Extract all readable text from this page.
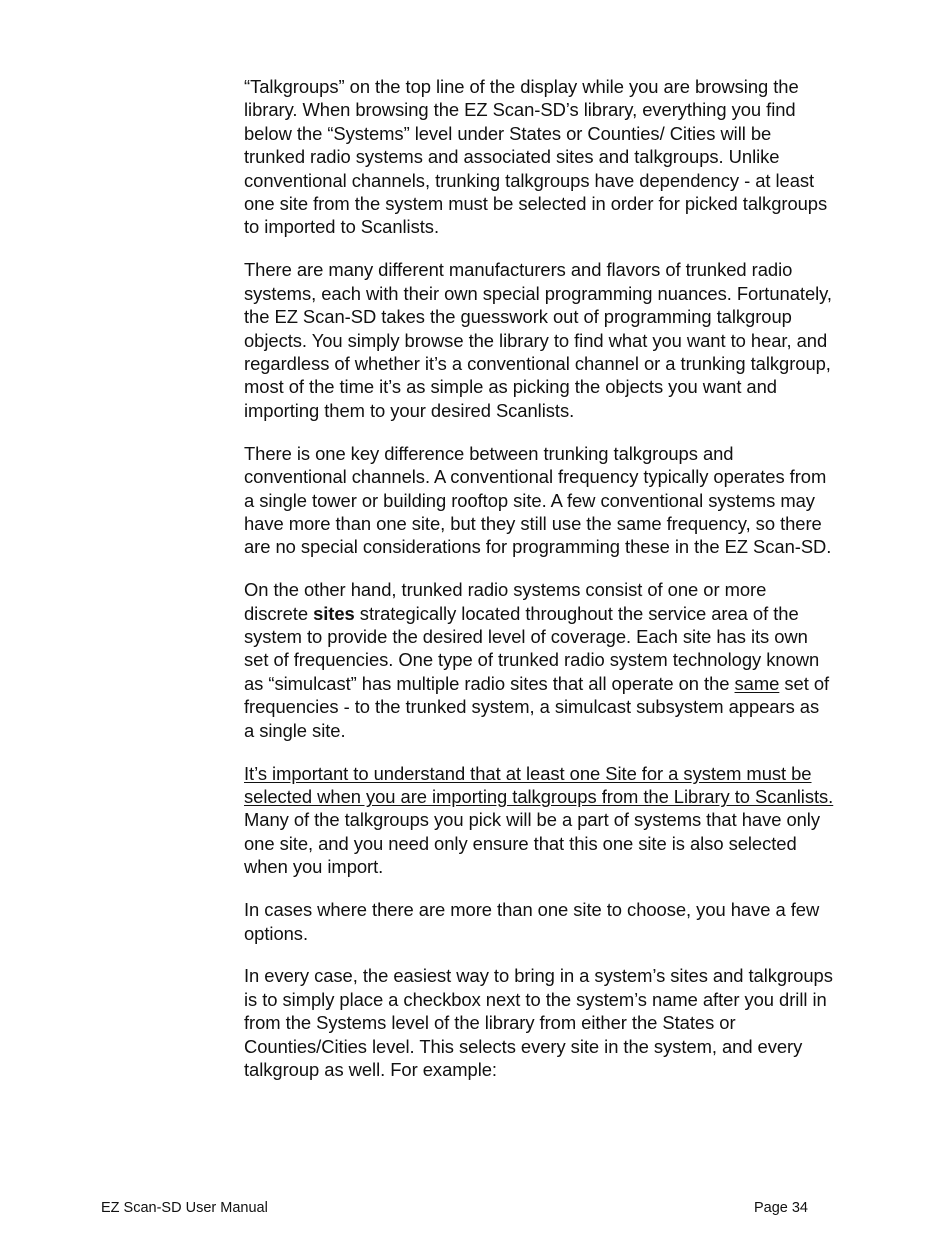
“Talkgroups” on the top line of the display while you are browsing the library. When browsing the EZ Scan-SD’s library, everything you find below the “Systems” level under States or Counties/ Cities will be trunked radio systems and associated sites and talkgroups. Unlike conventional channels, trunking talkgroups have dependency - at least one site from the system must be selected in order for picked talkgroups to imported to Scanlists.

There are many different manufacturers and flavors of trunked radio systems, each with their own special programming nuances. Fortunately, the EZ Scan-SD takes the guesswork out of programming talkgroup objects. You simply browse the library to find what you want to hear, and regardless of whether it’s a conventional channel or a trunking talkgroup, most of the time it’s as simple as picking the objects you want and importing them to your desired Scanlists.

There is one key difference between trunking talkgroups and conventional channels. A conventional frequency typically operates from a single tower or building rooftop site. A few conventional systems may have more than one site, but they still use the same frequency, so there are no special considerations for programming these in the EZ Scan-SD.

On the other hand, trunked radio systems consist of one or more discrete sites strategically located throughout the service area of the system to provide the desired level of coverage. Each site has its own set of frequencies. One type of trunked radio system technology known as “simulcast” has multiple radio sites that all operate on the same set of frequencies - to the trunked system, a simulcast subsystem appears as a single site.

It’s important to understand that at least one Site for a system must be selected when you are importing talkgroups from the Library to Scanlists. Many of the talkgroups you pick will be a part of systems that have only one site, and you need only ensure that this one site is also selected when you import.

In cases where there are more than one site to choose, you have a few options.

In every case, the easiest way to bring in a system’s sites and talkgroups is to simply place a checkbox next to the system’s name after you drill in from the Systems level of the library from either the States or Counties/Cities level. This selects every site in the system, and every talkgroup as well. For example:

EZ Scan-SD User Manual	Page 34
